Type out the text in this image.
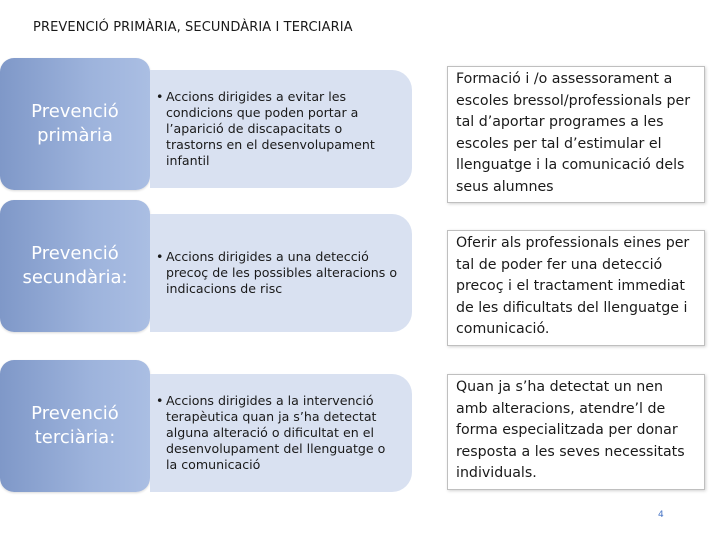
PREVENCIÓ PRIMÀRIA, SECUNDÀRIA I TERCIARIA
Prevenció primària
• Accions dirigides a evitar les condicions que poden portar a l’aparició de discapacitats o trastorns en el desenvolupament infantil
Formació i /o assessorament a escoles bressol/professionals per tal d’aportar programes a les escoles per tal d’estimular el llenguatge i la comunicació dels seus alumnes
Prevenció secundària:
• Accions dirigides a una detecció precoç de les possibles alteracions o indicacions de risc
Oferir als professionals eines per tal de poder fer una detecció precoç i el tractament immediat de les dificultats del llenguatge i comunicació.
Prevenció terciària:
• Accions dirigides a la intervenció terapèutica quan ja s’ha detectat alguna alteració o dificultat en el desenvolupament del llenguatge o la comunicació
Quan ja s’ha detectat un nen amb alteracions, atendre’l de forma especialitzada per donar resposta a les seves necessitats individuals.
4
